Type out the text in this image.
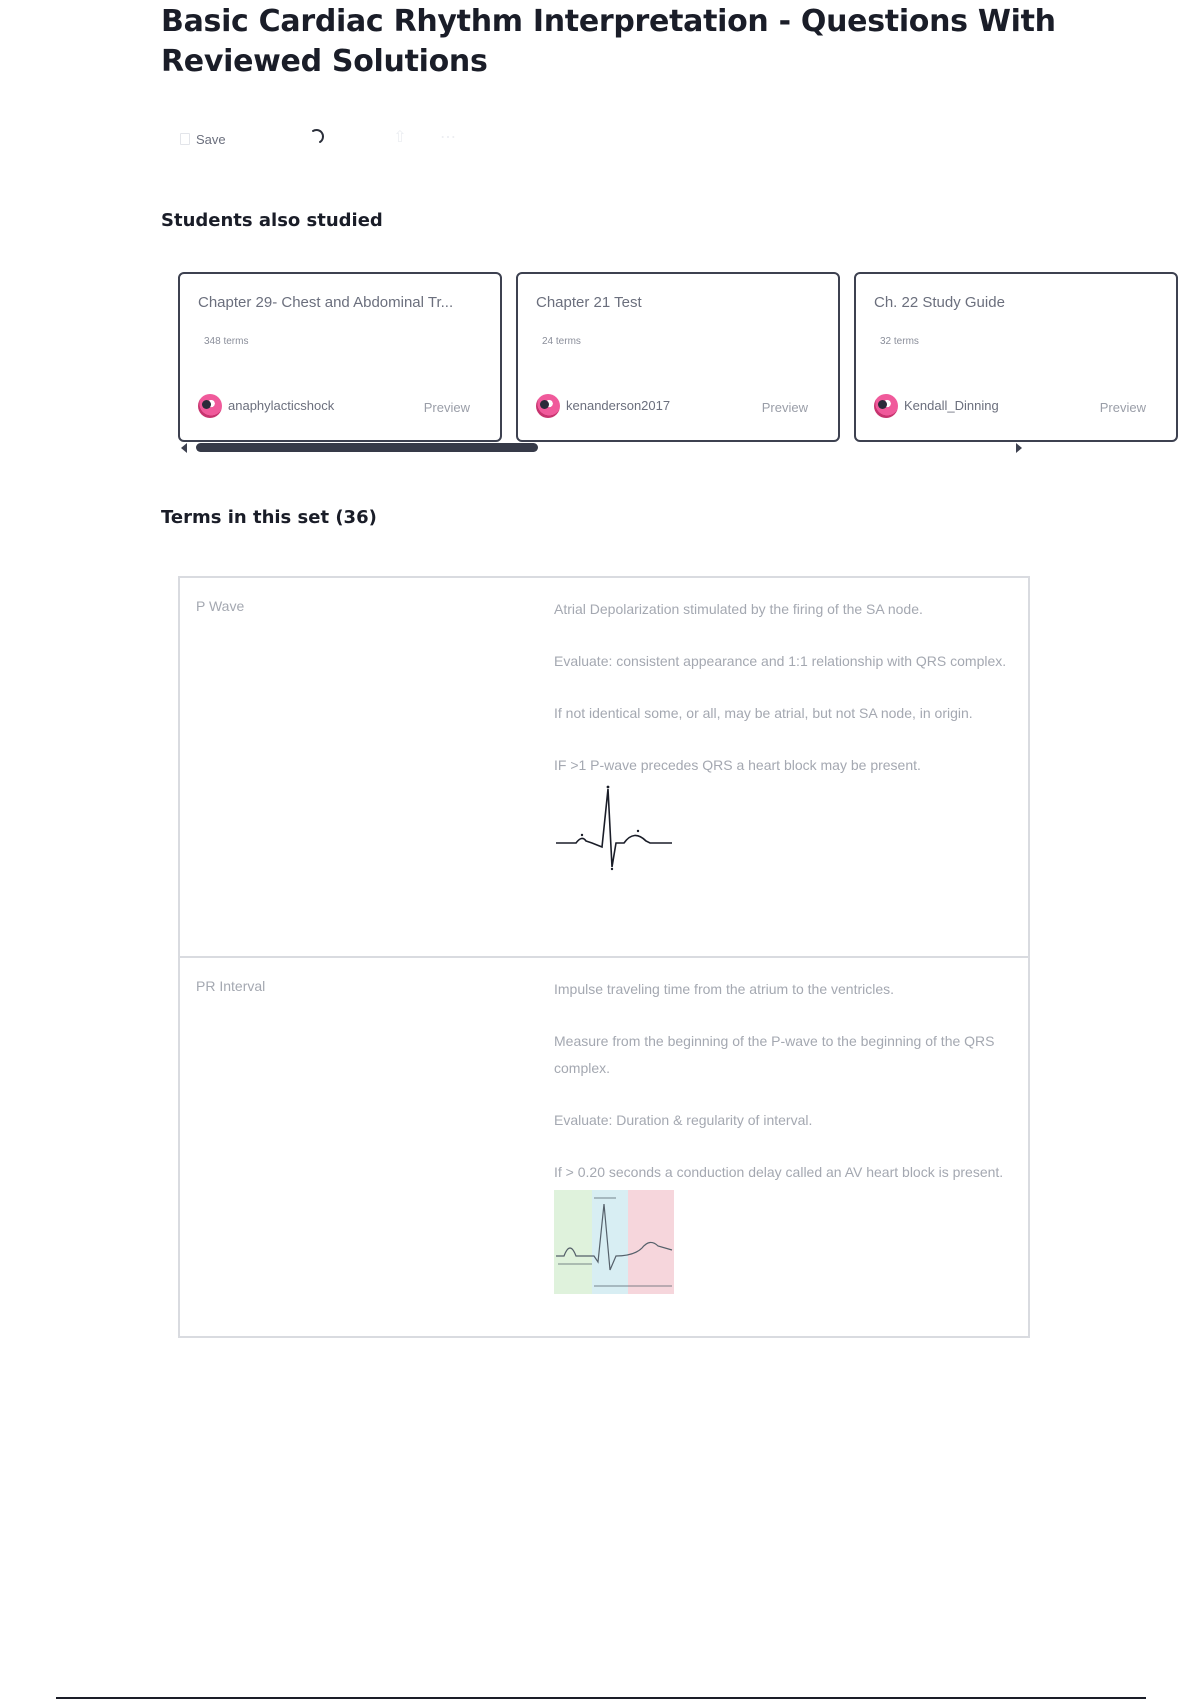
Basic Cardiac Rhythm Interpretation - Questions With Reviewed Solutions
Save	⇧ ⋯
Students also studied
Chapter 29- Chest and Abdominal Tr...
348 terms
anaphylacticshock	Preview
Chapter 21 Test
24 terms
kenanderson2017	Preview
Ch. 22 Study Guide
32 terms
Kendall_Dinning	Preview
Terms in this set (36)
P Wave	Atrial Depolarization stimulated by the firing of the SA node.

Evaluate: consistent appearance and 1:1 relationship with QRS complex.

If not identical some, or all, may be atrial, but not SA node, in origin.

IF >1 P-wave precedes QRS a heart block may be present.

PR Interval	Impulse traveling time from the atrium to the ventricles.

Measure from the beginning of the P-wave to the beginning of the QRS complex.

Evaluate: Duration & regularity of interval.

If > 0.20 seconds a conduction delay called an AV heart block is present.
